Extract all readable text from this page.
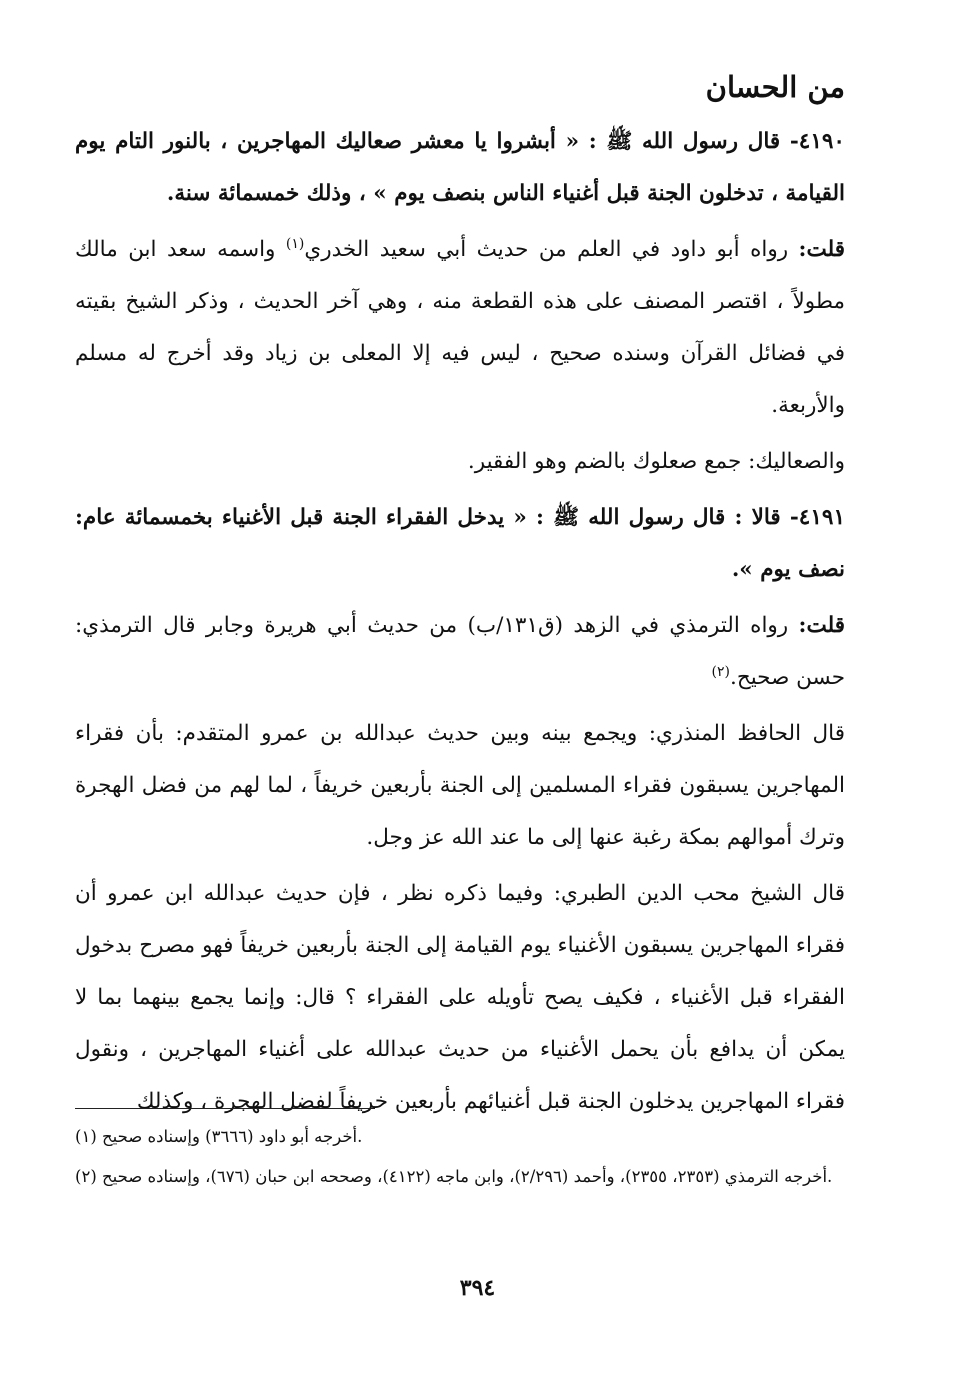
من الحسان

٤١٩٠- قال رسول الله ﷺ : « أبشروا يا معشر صعاليك المهاجرين ، بالنور التام يوم القيامة ، تدخلون الجنة قبل أغنياء الناس بنصف يوم » ، وذلك خمسمائة سنة.

قلت: رواه أبو داود في العلم من حديث أبي سعيد الخدري$^{(١)}$ واسمه سعد ابن مالك مطولاً ، اقتصر المصنف على هذه القطعة منه ، وهي آخر الحديث ، وذكر الشيخ بقيته في فضائل القرآن وسنده صحيح ، ليس فيه إلا المعلى بن زياد وقد أخرج له مسلم والأربعة.

والصعاليك: جمع صعلوك بالضم وهو الفقير.

٤١٩١- قالا : قال رسول الله ﷺ : « يدخل الفقراء الجنة قبل الأغنياء بخمسمائة عام: نصف يوم ».

قلت: رواه الترمذي في الزهد (ق١٣١/ب) من حديث أبي هريرة وجابر قال الترمذي: حسن صحيح.$^{(٢)}$

قال الحافظ المنذري: ويجمع بينه وبين حديث عبدالله بن عمرو المتقدم: بأن فقراء المهاجرين يسبقون فقراء المسلمين إلى الجنة بأربعين خريفاً ، لما لهم من فضل الهجرة وترك أموالهم بمكة رغبة عنها إلى ما عند الله عز وجل.

قال الشيخ محب الدين الطبري: وفيما ذكره نظر ، فإن حديث عبدالله ابن عمرو أن فقراء المهاجرين يسبقون الأغنياء يوم القيامة إلى الجنة بأربعين خريفاً فهو مصرح بدخول الفقراء قبل الأغنياء ، فكيف يصح تأويله على الفقراء ؟ قال: وإنما يجمع بينهما بما لا يمكن أن يدافع بأن يحمل الأغنياء من حديث عبدالله على أغنياء المهاجرين ، ونقول فقراء المهاجرين يدخلون الجنة قبل أغنيائهم بأربعين خريفاً لفضل الهجرة ، وكذلك

(١) أخرجه أبو داود (٣٦٦٦) وإسناده صحيح.

(٢) أخرجه الترمذي (٢٣٥٣، ٢٣٥٥)، وأحمد (٢/٢٩٦)، وابن ماجه (٤١٢٢)، وصححه ابن حبان (٦٧٦)، وإسناده صحيح.

٣٩٤
